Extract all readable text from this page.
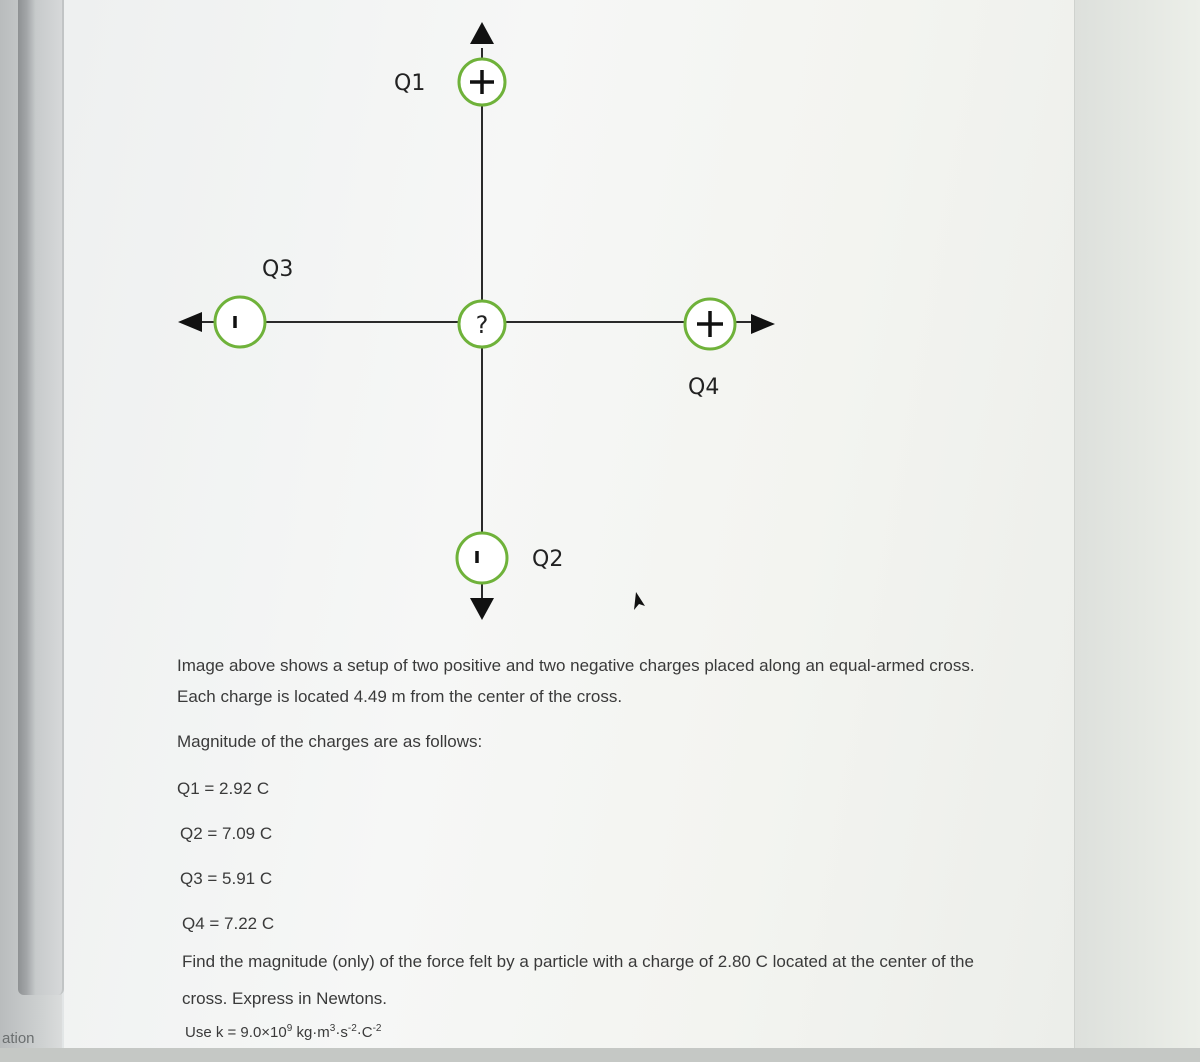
ation
Q1
Q3
?
Q4
Q2
Image above shows a setup of two positive and two negative charges placed along an equal-armed cross. Each charge is located 4.49 m from the center of the cross.
Magnitude of the charges are as follows:
Q1 = 2.92 C
Q2 = 7.09 C
Q3 = 5.91 C
Q4 = 7.22 C
Find the magnitude (only) of the force felt by a particle with a charge of 2.80 C located at the center of the cross. Express in Newtons.
Use $k = 9.0\times 10^9$ $kg\cdot m^3\cdot s^{-2}\cdot C^{-2}$
